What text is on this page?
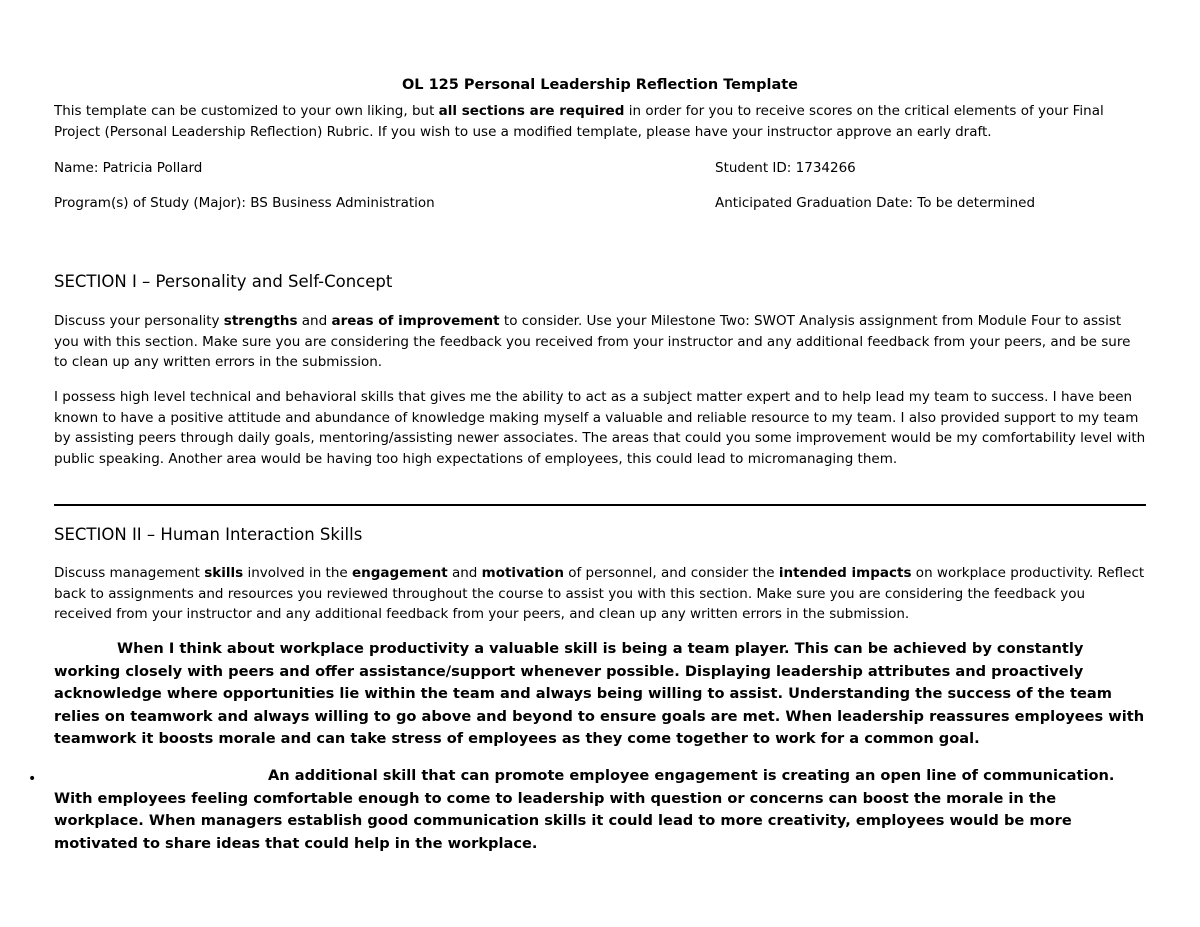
OL 125 Personal Leadership Reflection Template

This template can be customized to your own liking, but all sections are required in order for you to receive scores on the critical elements of your Final Project (Personal Leadership Reflection) Rubric. If you wish to use a modified template, please have your instructor approve an early draft.

Name: Patricia Pollard	Student ID: 1734266
Program(s) of Study (Major): BS Business Administration	Anticipated Graduation Date: To be determined
SECTION I – Personality and Self-Concept

Discuss your personality strengths and areas of improvement to consider. Use your Milestone Two: SWOT Analysis assignment from Module Four to assist you with this section. Make sure you are considering the feedback you received from your instructor and any additional feedback from your peers, and be sure to clean up any written errors in the submission.

I possess high level technical and behavioral skills that gives me the ability to act as a subject matter expert and to help lead my team to success. I have been known to have a positive attitude and abundance of knowledge making myself a valuable and reliable resource to my team. I also provided support to my team by assisting peers through daily goals, mentoring/assisting newer associates. The areas that could you some improvement would be my comfortability level with public speaking. Another area would be having too high expectations of employees, this could lead to micromanaging them.

SECTION II – Human Interaction Skills

Discuss management skills involved in the engagement and motivation of personnel, and consider the intended impacts on workplace productivity. Reflect back to assignments and resources you reviewed throughout the course to assist you with this section. Make sure you are considering the feedback you received from your instructor and any additional feedback from your peers, and clean up any written errors in the submission.

When I think about workplace productivity a valuable skill is being a team player. This can be achieved by constantly working closely with peers and offer assistance/support whenever possible. Displaying leadership attributes and proactively acknowledge where opportunities lie within the team and always being willing to assist. Understanding the success of the team relies on teamwork and always willing to go above and beyond to ensure goals are met. When leadership reassures employees with teamwork it boosts morale and can take stress of employees as they come together to work for a common goal.

•	An additional skill that can promote employee engagement is creating an open line of communication. With employees feeling comfortable enough to come to leadership with question or concerns can boost the morale in the workplace. When managers establish good communication skills it could lead to more creativity, employees would be more motivated to share ideas that could help in the workplace.
